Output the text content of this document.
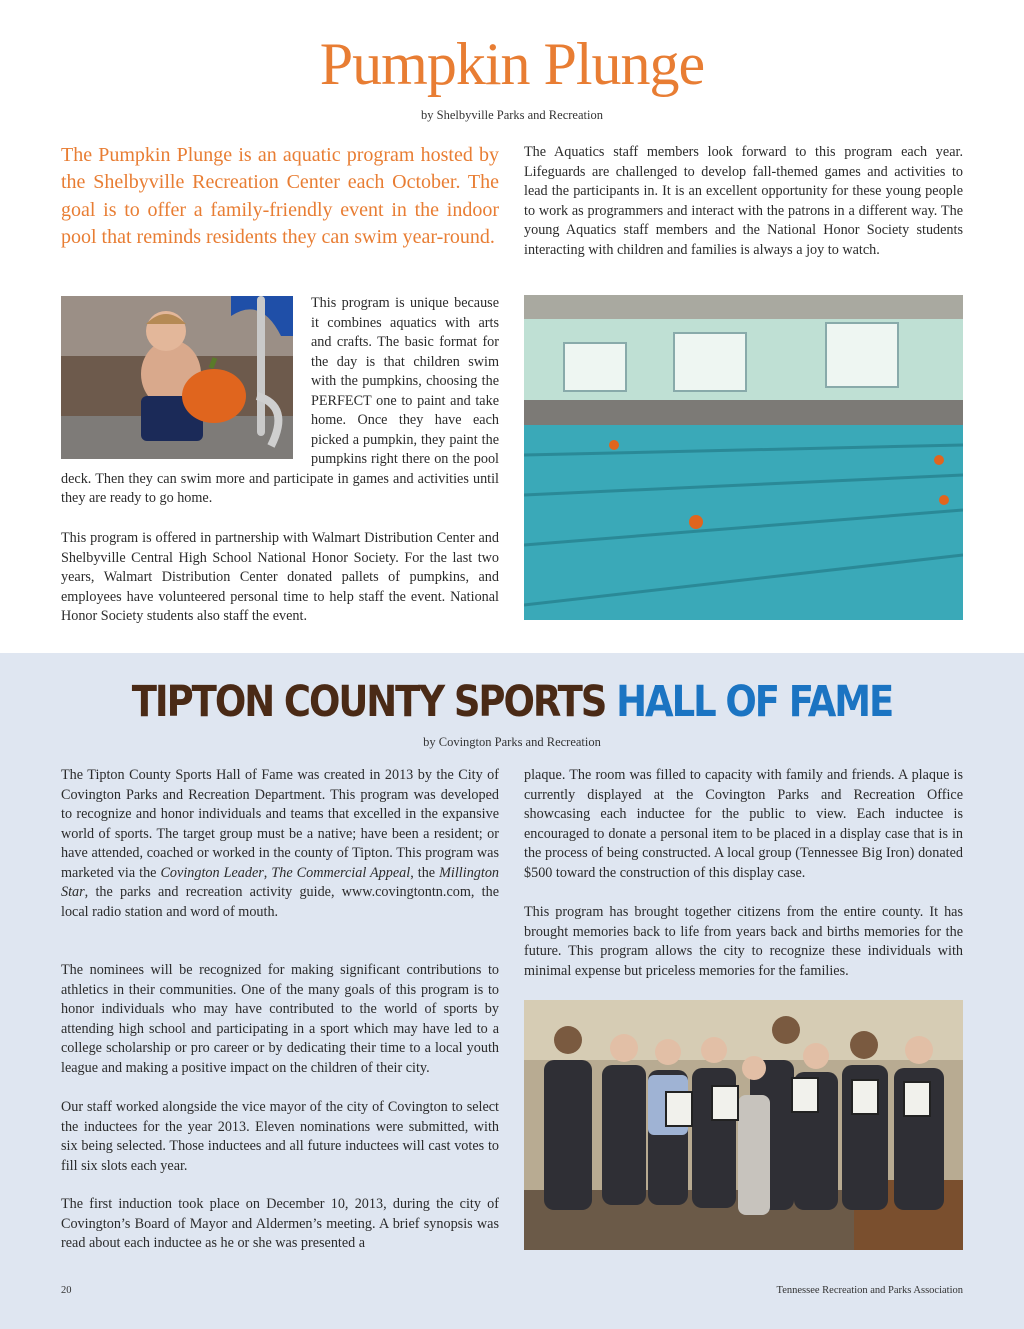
Pumpkin Plunge
by Shelbyville Parks and Recreation
The Pumpkin Plunge is an aquatic program hosted by the Shelbyville Recreation Center each October. The goal is to offer a family-friendly event in the indoor pool that reminds residents they can swim year-round.
The Aquatics staff members look forward to this program each year. Lifeguards are challenged to develop fall-themed games and activities to lead the participants in. It is an excellent opportunity for these young people to work as programmers and interact with the patrons in a different way. The young Aquatics staff members and the National Honor Society students interacting with children and families is always a joy to watch.
This program is unique because it combines aquatics with arts and crafts. The basic format for the day is that children swim with the pumpkins, choosing the PERFECT one to paint and take home. Once they have each picked a pumpkin, they paint the pumpkins right there on the pool deck. Then they can swim more and participate in games and activities until they are ready to go home.
This program is offered in partnership with Walmart Distribution Center and Shelbyville Central High School National Honor Society. For the last two years, Walmart Distribution Center donated pallets of pumpkins, and employees have volunteered personal time to help staff the event. National Honor Society students also staff the event.
TIPTON COUNTY SPORTS HALL OF FAME
by Covington Parks and Recreation
The Tipton County Sports Hall of Fame was created in 2013 by the City of Covington Parks and Recreation Department. This program was developed to recognize and honor individuals and teams that excelled in the expansive world of sports. The target group must be a native; have been a resident; or have attended, coached or worked in the county of Tipton. This program was marketed via the Covington Leader, The Commercial Appeal, the Millington Star, the parks and recreation activity guide, www.covingtontn.com, the local radio station and word of mouth.
The nominees will be recognized for making significant contributions to athletics in their communities. One of the many goals of this program is to honor individuals who may have contributed to the world of sports by attending high school and participating in a sport which may have led to a college scholarship or pro career or by dedicating their time to a local youth league and making a positive impact on the children of their city.
Our staff worked alongside the vice mayor of the city of Covington to select the inductees for the year 2013. Eleven nominations were submitted, with six being selected. Those inductees and all future inductees will cast votes to fill six slots each year.
The first induction took place on December 10, 2013, during the city of Covington’s Board of Mayor and Aldermen’s meeting. A brief synopsis was read about each inductee as he or she was presented a
plaque. The room was filled to capacity with family and friends. A plaque is currently displayed at the Covington Parks and Recreation Office showcasing each inductee for the public to view. Each inductee is encouraged to donate a personal item to be placed in a display case that is in the process of being constructed. A local group (Tennessee Big Iron) donated $500 toward the construction of this display case.
This program has brought together citizens from the entire county. It has brought memories back to life from years back and births memories for the future. This program allows the city to recognize these individuals with minimal expense but priceless memories for the families.
20	Tennessee Recreation and Parks Association
